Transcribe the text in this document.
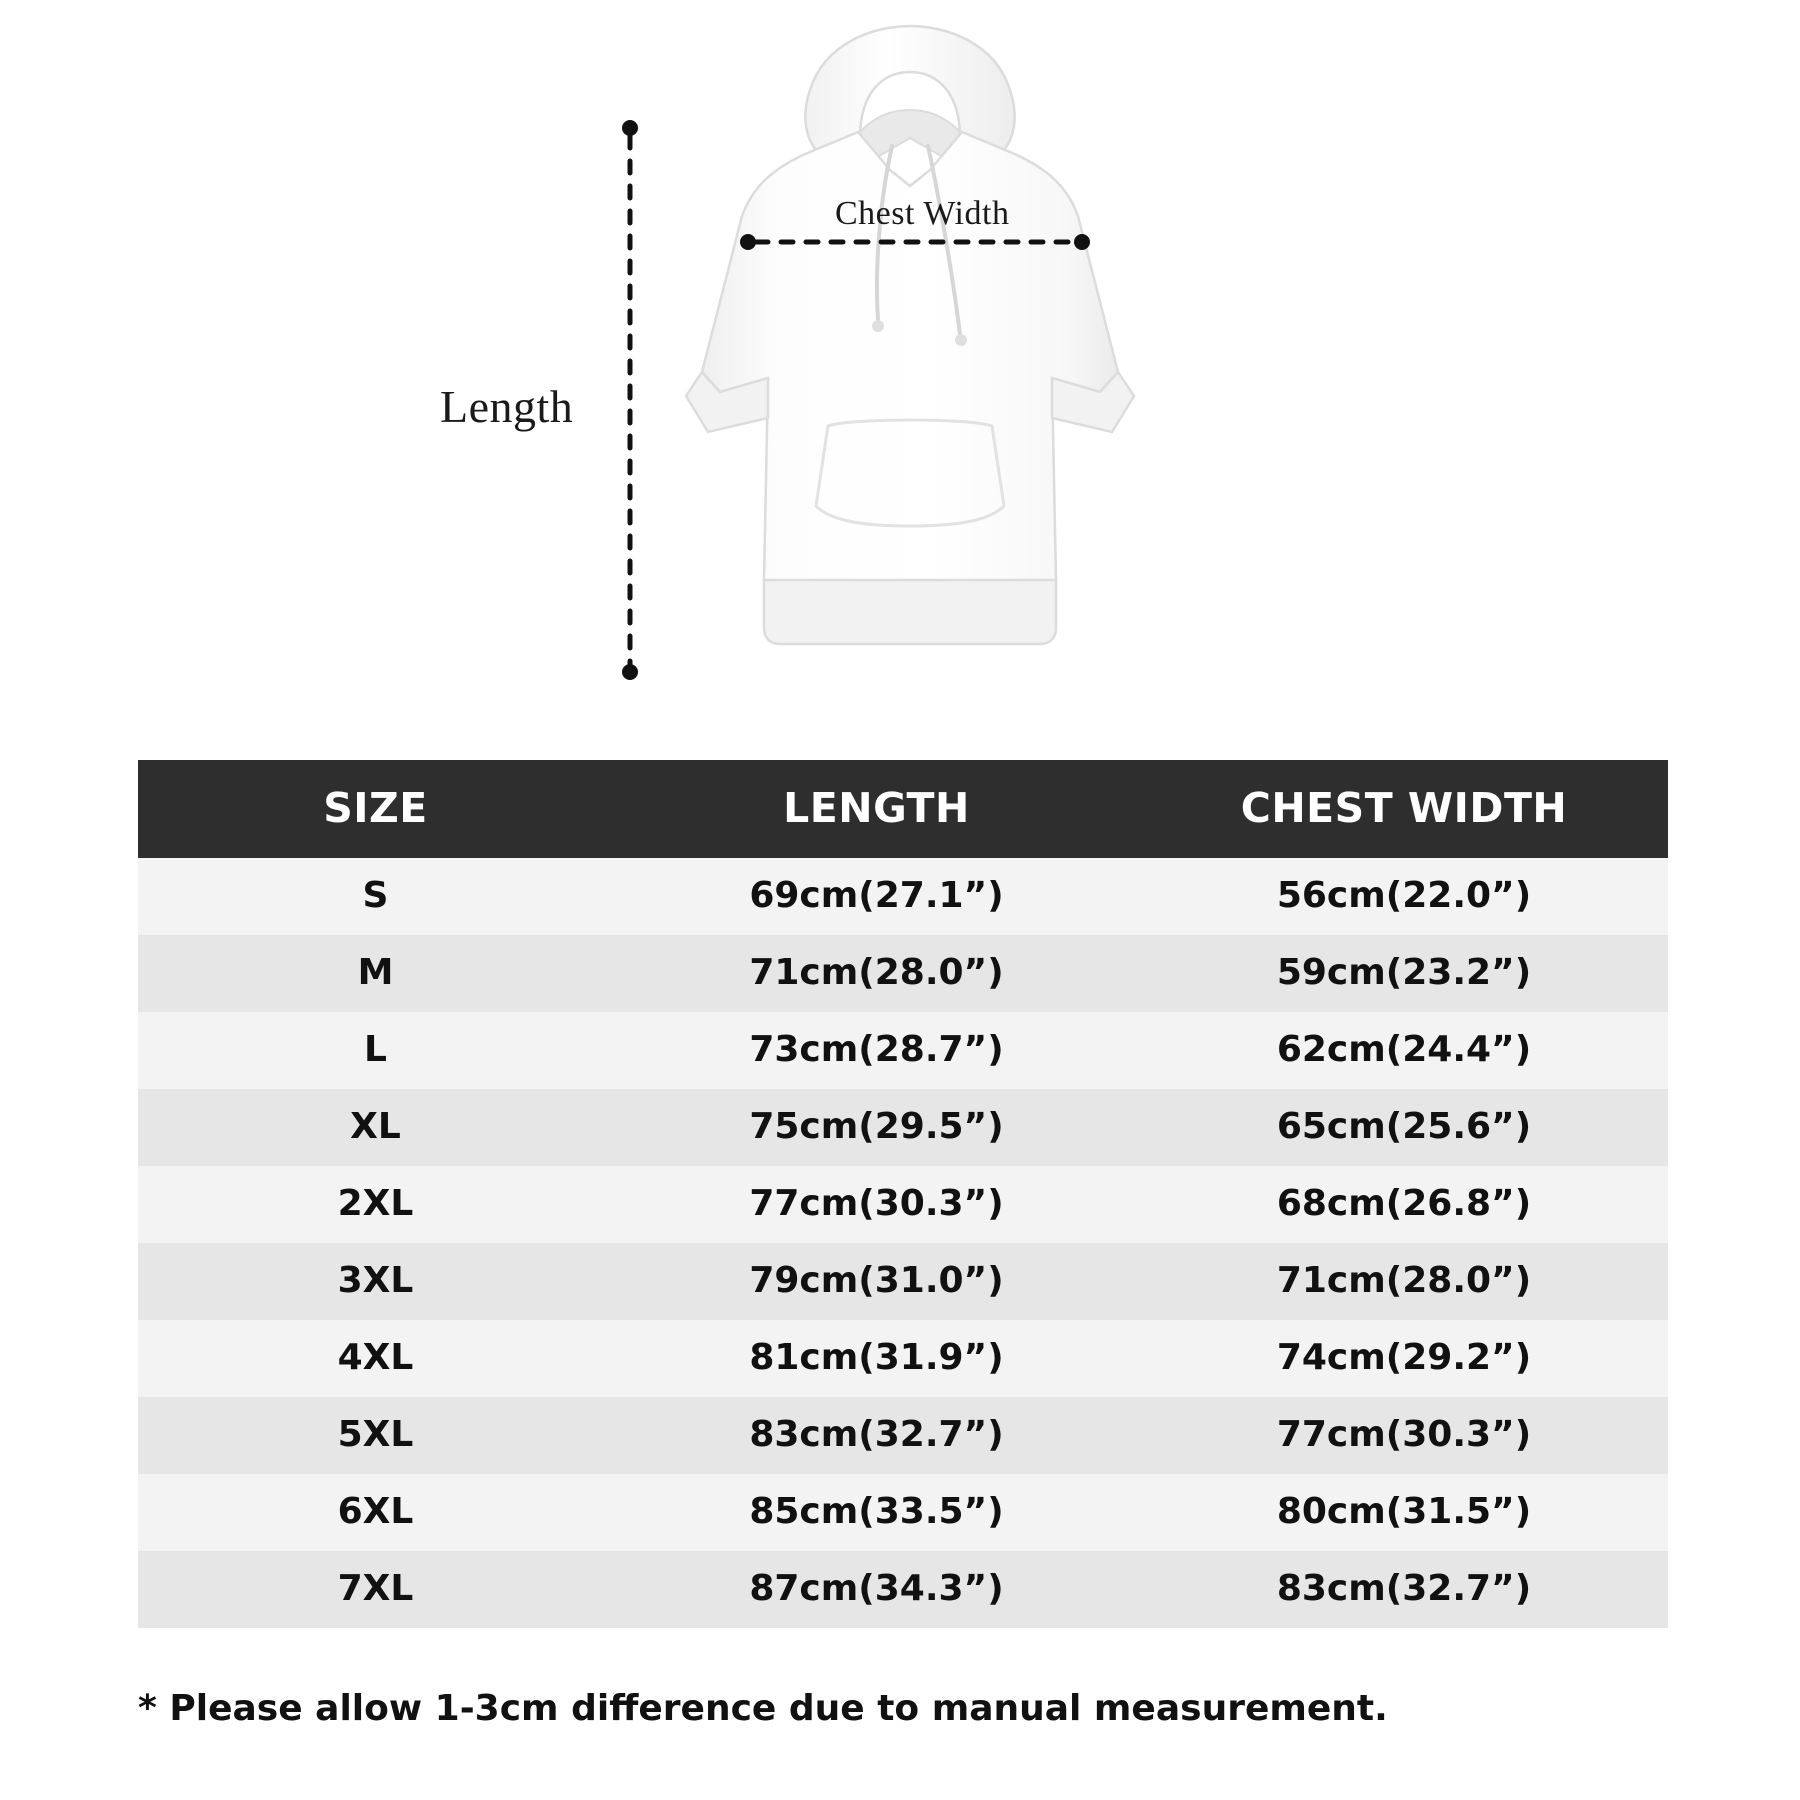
Length
Chest Width
SIZE	LENGTH	CHEST WIDTH
S	69cm(27.1”)	56cm(22.0”)
M	71cm(28.0”)	59cm(23.2”)
L	73cm(28.7”)	62cm(24.4”)
XL	75cm(29.5”)	65cm(25.6”)
2XL	77cm(30.3”)	68cm(26.8”)
3XL	79cm(31.0”)	71cm(28.0”)
4XL	81cm(31.9”)	74cm(29.2”)
5XL	83cm(32.7”)	77cm(30.3”)
6XL	85cm(33.5”)	80cm(31.5”)
7XL	87cm(34.3”)	83cm(32.7”)
* Please allow 1-3cm difference due to manual measurement.
